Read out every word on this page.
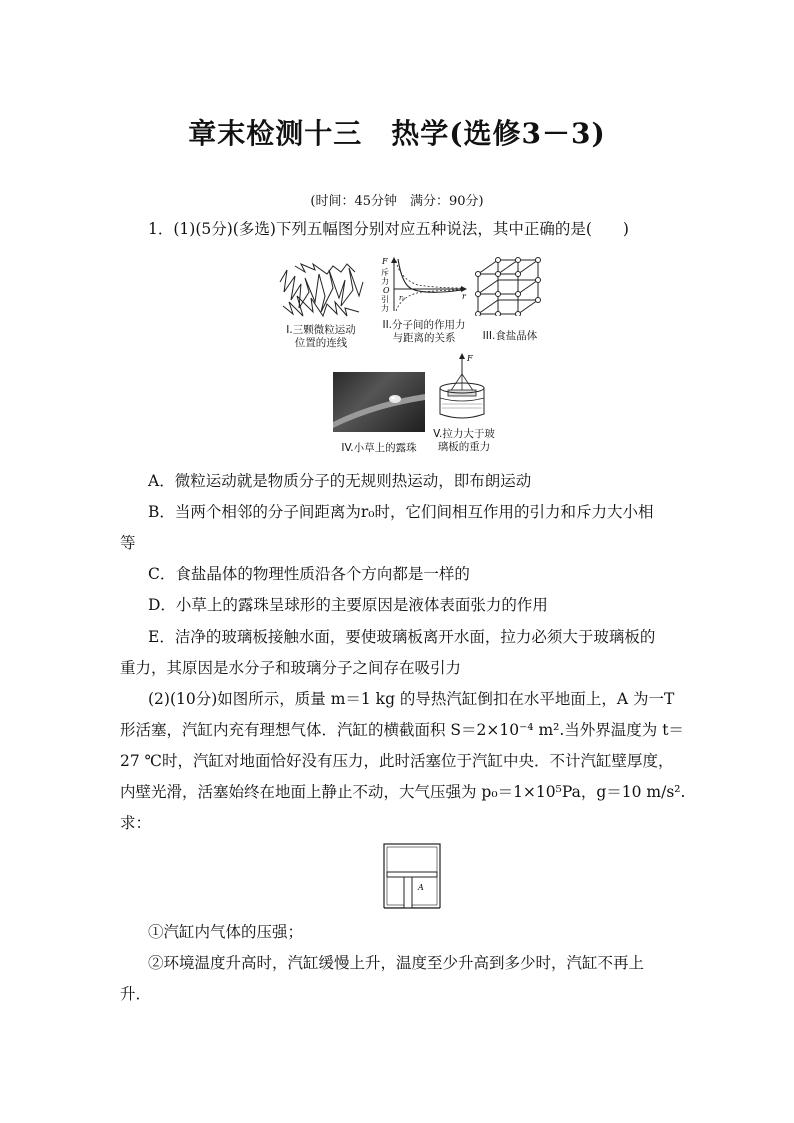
章末检测十三　热学(选修3－3)
(时间：45分钟　满分：90分)
1．(1)(5分)(多选)下列五幅图分别对应五种说法，其中正确的是(　　)
I.三颗微粒运动
位置的连线
F
斥
力
O
引
力
r₀	r
II.分子间的作用力
与距离的关系	III.食盐晶体
IV.小草上的露珠
F
V.拉力大于玻
璃板的重力
A．微粒运动就是物质分子的无规则热运动，即布朗运动
B．当两个相邻的分子间距离为r₀时，它们间相互作用的引力和斥力大小相
等
C．食盐晶体的物理性质沿各个方向都是一样的
D．小草上的露珠呈球形的主要原因是液体表面张力的作用
E．洁净的玻璃板接触水面，要使玻璃板离开水面，拉力必须大于玻璃板的
重力，其原因是水分子和玻璃分子之间存在吸引力
(2)(10分)如图所示，质量 m＝1 kg 的导热汽缸倒扣在水平地面上，A 为一T
形活塞，汽缸内充有理想气体．汽缸的横截面积 S＝2×10⁻⁴ m².当外界温度为 t＝
27 ℃时，汽缸对地面恰好没有压力，此时活塞位于汽缸中央．不计汽缸壁厚度，
内壁光滑，活塞始终在地面上静止不动，大气压强为 p₀＝1×10⁵Pa，g＝10 m/s².
求：
A
①汽缸内气体的压强；
②环境温度升高时，汽缸缓慢上升，温度至少升高到多少时，汽缸不再上
升．
